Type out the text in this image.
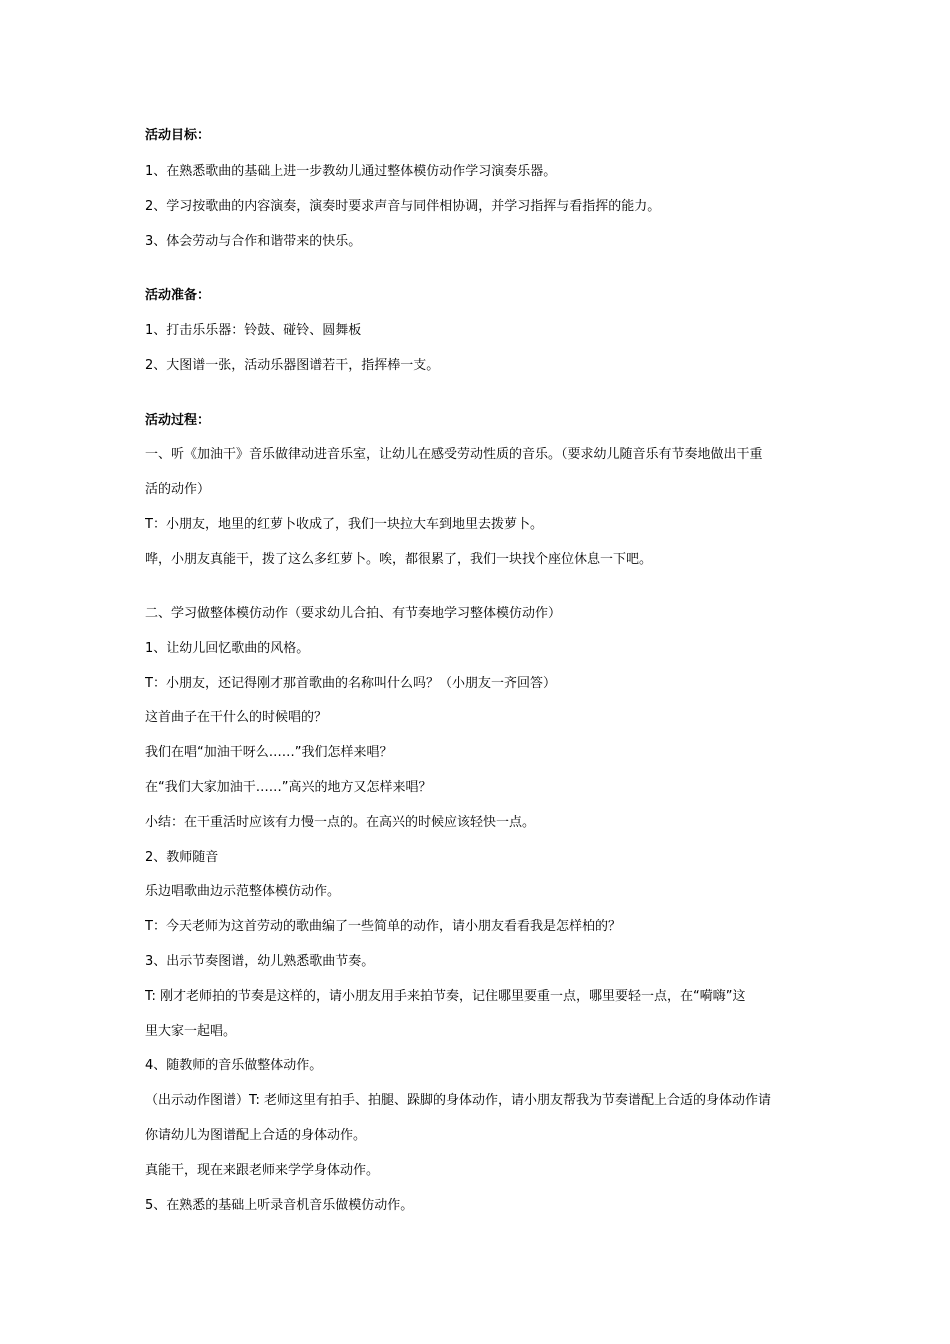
活动目标：
1、在熟悉歌曲的基础上进一步教幼儿通过整体模仿动作学习演奏乐器。
2、学习按歌曲的内容演奏，演奏时要求声音与同伴相协调，并学习指挥与看指挥的能力。
3、体会劳动与合作和谐带来的快乐。
活动准备：
1、打击乐乐器：铃鼓、碰铃、圆舞板
2、大图谱一张，活动乐器图谱若干，指挥棒一支。
活动过程：
一、听《加油干》音乐做律动进音乐室，让幼儿在感受劳动性质的音乐。（要求幼儿随音乐有节奏地做出干重
活的动作）
T：小朋友，地里的红萝卜收成了，我们一块拉大车到地里去拨萝卜。
哗，小朋友真能干，拨了这么多红萝卜。唉，都很累了，我们一块找个座位休息一下吧。
二、学习做整体模仿动作（要求幼儿合拍、有节奏地学习整体模仿动作）
1、让幼儿回忆歌曲的风格。
T：小朋友，还记得刚才那首歌曲的名称叫什么吗？（小朋友一齐回答）
这首曲子在干什么的时候唱的？
我们在唱“加油干呀么……”我们怎样来唱？
在“我们大家加油干……”高兴的地方又怎样来唱？
小结：在干重活时应该有力慢一点的。在高兴的时候应该轻快一点。
2、教师随音
乐边唱歌曲边示范整体模仿动作。
T：今天老师为这首劳动的歌曲编了一些简单的动作，请小朋友看看我是怎样柏的？
3、出示节奏图谱，幼儿熟悉歌曲节奏。
T: 刚才老师拍的节奏是这样的，请小朋友用手来拍节奏，记住哪里要重一点，哪里要轻一点，在“嗬嗨”这
里大家一起唱。
4、随教师的音乐做整体动作。
（出示动作图谱）T: 老师这里有拍手、拍腿、跺脚的身体动作，请小朋友帮我为节奏谱配上合适的身体动作请
你请幼儿为图谱配上合适的身体动作。
真能干，现在来跟老师来学学身体动作。
5、在熟悉的基础上听录音机音乐做模仿动作。
